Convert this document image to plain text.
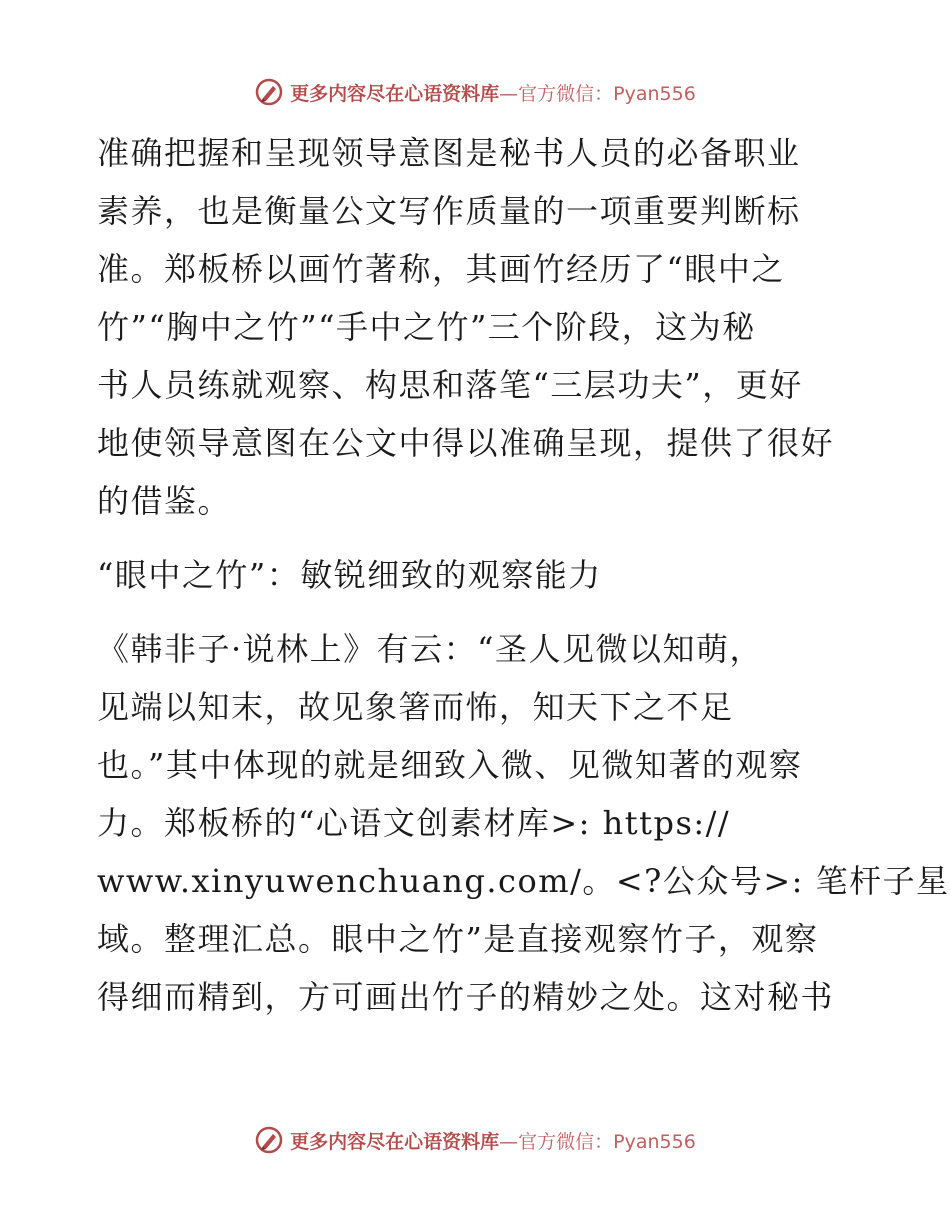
更多内容尽在心语资料库 —官方微信：Pyan556
准确把握和呈现领导意图是秘书人员的必备职业
素养，也是衡量公文写作质量的一项重要判断标
准。郑板桥以画竹著称，其画竹经历了“眼中之
竹”“胸中之竹”“手中之竹”三个阶段，这为秘
书人员练就观察、构思和落笔“三层功夫”，更好
地使领导意图在公文中得以准确呈现，提供了很好
的借鉴。
“眼中之竹”：敏锐细致的观察能力
《韩非子·说林上》有云：“圣人见微以知萌，
见端以知末，故见象箸而怖，知天下之不足
也。”其中体现的就是细致入微、见微知著的观察
力。郑板桥的“心语文创素材库>: https://
www.xinyuwenchuang.com/。<?公众号>: 笔杆子星
域。整理汇总。眼中之竹”是直接观察竹子，观察
得细而精到，方可画出竹子的精妙之处。这对秘书
更多内容尽在心语资料库 —官方微信：Pyan556
